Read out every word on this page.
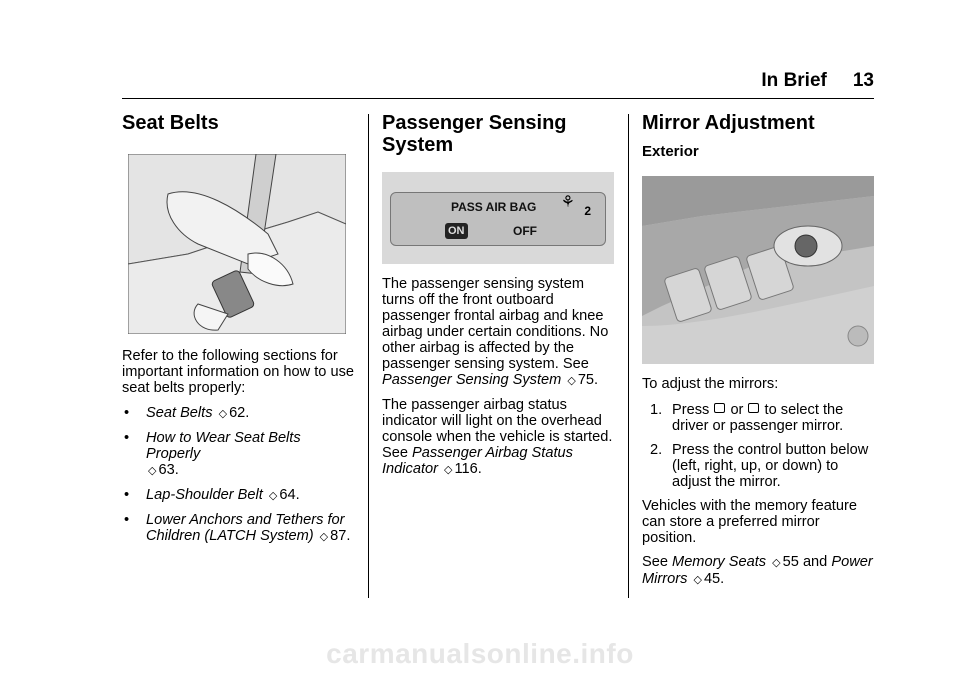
In Brief 13
Seat Belts

Refer to the following sections for important information on how to use seat belts properly:

• Seat Belts ◇ 62.
• How to Wear Seat Belts Properly
◇ 63.
• Lap-Shoulder Belt ◇ 64.
• Lower Anchors and Tethers for Children (LATCH System) ◇ 87.
Passenger Sensing
System
PASS AIR BAG ⚘ 2
ON	OFF

The passenger sensing system turns off the front outboard passenger frontal airbag and knee airbag under certain conditions. No other airbag is affected by the passenger sensing system. See
Passenger Sensing System ◇ 75.

The passenger airbag status indicator will light on the overhead console when the vehicle is started. See Passenger Airbag Status Indicator ◇ 116.

Mirror Adjustment
Exterior

To adjust the mirrors:

1. Press or to select the driver or passenger mirror.
2. Press the control button below (left, right, up, or down) to adjust the mirror.

Vehicles with the memory feature can store a preferred mirror position.

See Memory Seats ◇ 55 and Power Mirrors ◇ 45.

carmanualsonline.info
